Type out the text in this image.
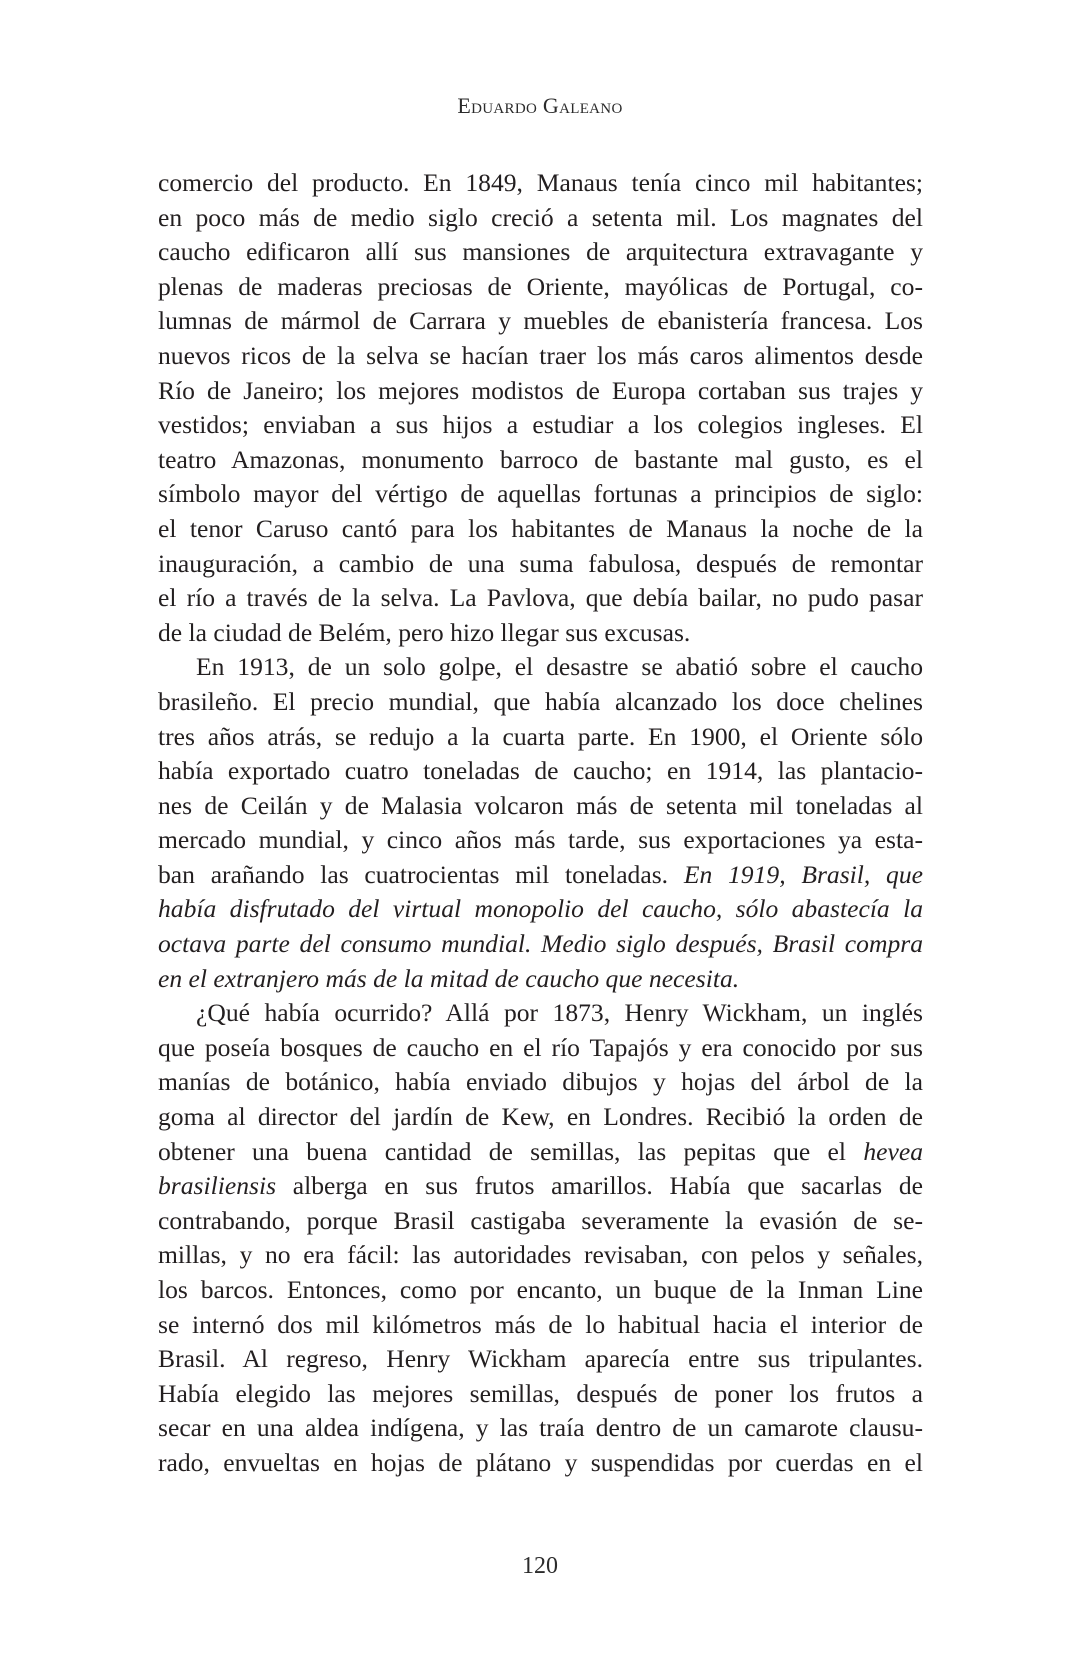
Eduardo Galeano
comercio del producto. En 1849, Manaus tenía cinco mil habitantes;
en poco más de medio siglo creció a setenta mil. Los magnates del
caucho edificaron allí sus mansiones de arquitectura extravagante y
plenas de maderas preciosas de Oriente, mayólicas de Portugal, co-
lumnas de mármol de Carrara y muebles de ebanistería francesa. Los
nuevos ricos de la selva se hacían traer los más caros alimentos desde
Río de Janeiro; los mejores modistos de Europa cortaban sus trajes y
vestidos; enviaban a sus hijos a estudiar a los colegios ingleses. El
teatro Amazonas, monumento barroco de bastante mal gusto, es el
símbolo mayor del vértigo de aquellas fortunas a principios de siglo:
el tenor Caruso cantó para los habitantes de Manaus la noche de la
inauguración, a cambio de una suma fabulosa, después de remontar
el río a través de la selva. La Pavlova, que debía bailar, no pudo pasar
de la ciudad de Belém, pero hizo llegar sus excusas.
En 1913, de un solo golpe, el desastre se abatió sobre el caucho
brasileño. El precio mundial, que había alcanzado los doce chelines
tres años atrás, se redujo a la cuarta parte. En 1900, el Oriente sólo
había exportado cuatro toneladas de caucho; en 1914, las plantacio-
nes de Ceilán y de Malasia volcaron más de setenta mil toneladas al
mercado mundial, y cinco años más tarde, sus exportaciones ya esta-
ban arañando las cuatrocientas mil toneladas. En 1919, Brasil, que
había disfrutado del virtual monopolio del caucho, sólo abastecía la
octava parte del consumo mundial. Medio siglo después, Brasil compra
en el extranjero más de la mitad de caucho que necesita.
¿Qué había ocurrido? Allá por 1873, Henry Wickham, un inglés
que poseía bosques de caucho en el río Tapajós y era conocido por sus
manías de botánico, había enviado dibujos y hojas del árbol de la
goma al director del jardín de Kew, en Londres. Recibió la orden de
obtener una buena cantidad de semillas, las pepitas que el hevea
brasiliensis alberga en sus frutos amarillos. Había que sacarlas de
contrabando, porque Brasil castigaba severamente la evasión de se-
millas, y no era fácil: las autoridades revisaban, con pelos y señales,
los barcos. Entonces, como por encanto, un buque de la Inman Line
se internó dos mil kilómetros más de lo habitual hacia el interior de
Brasil. Al regreso, Henry Wickham aparecía entre sus tripulantes.
Había elegido las mejores semillas, después de poner los frutos a
secar en una aldea indígena, y las traía dentro de un camarote clausu-
rado, envueltas en hojas de plátano y suspendidas por cuerdas en el
120
